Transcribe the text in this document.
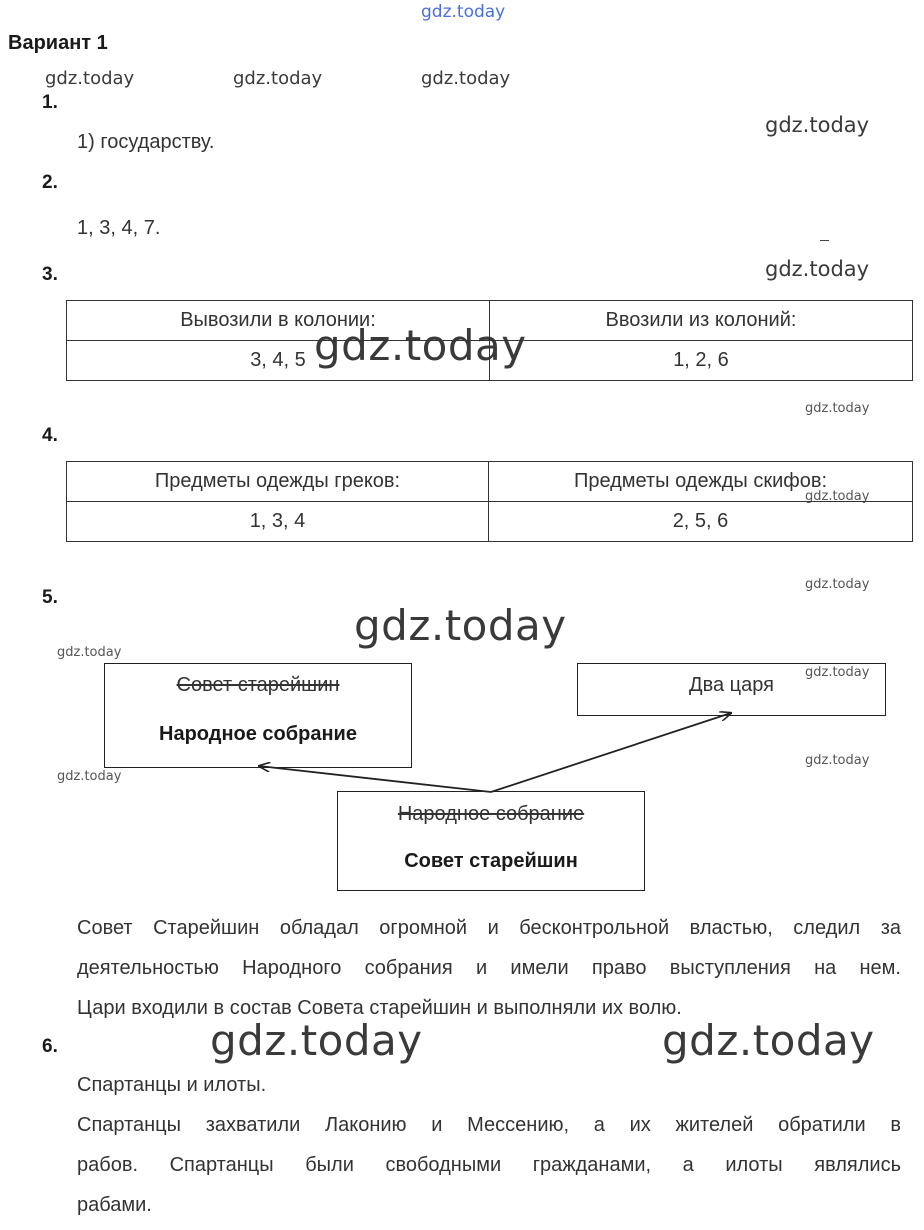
gdz.today
gdz.today	gdz.today	gdz.today
gdz.today
gdz.today
gdz.today
gdz.today
gdz.today
gdz.today
gdz.today
gdz.today
gdz.today
gdz.today
gdz.today
gdz.today	gdz.today
Вариант 1
1.
1) государству.
2.
1, 3, 4, 7.
3.
Вывозили в колонии:	Ввозили из колоний:
3, 4, 5	1, 2, 6
4.
Предметы одежды греков:	Предметы одежды скифов:
1, 3, 4	2, 5, 6
5.
Совет старейшин
Народное собрание
Два царя
Народное собрание
Совет старейшин
Совет Старейшин обладал огромной и бесконтрольной властью, следил за
деятельностью Народного собрания и имели право выступления на нем.
Цари входили в состав Совета старейшин и выполняли их волю.
6.
Спартанцы и илоты.
Спартанцы захватили Лаконию и Мессению, а их жителей обратили в
рабов. Спартанцы были свободными гражданами, а илоты являлись
рабами.
